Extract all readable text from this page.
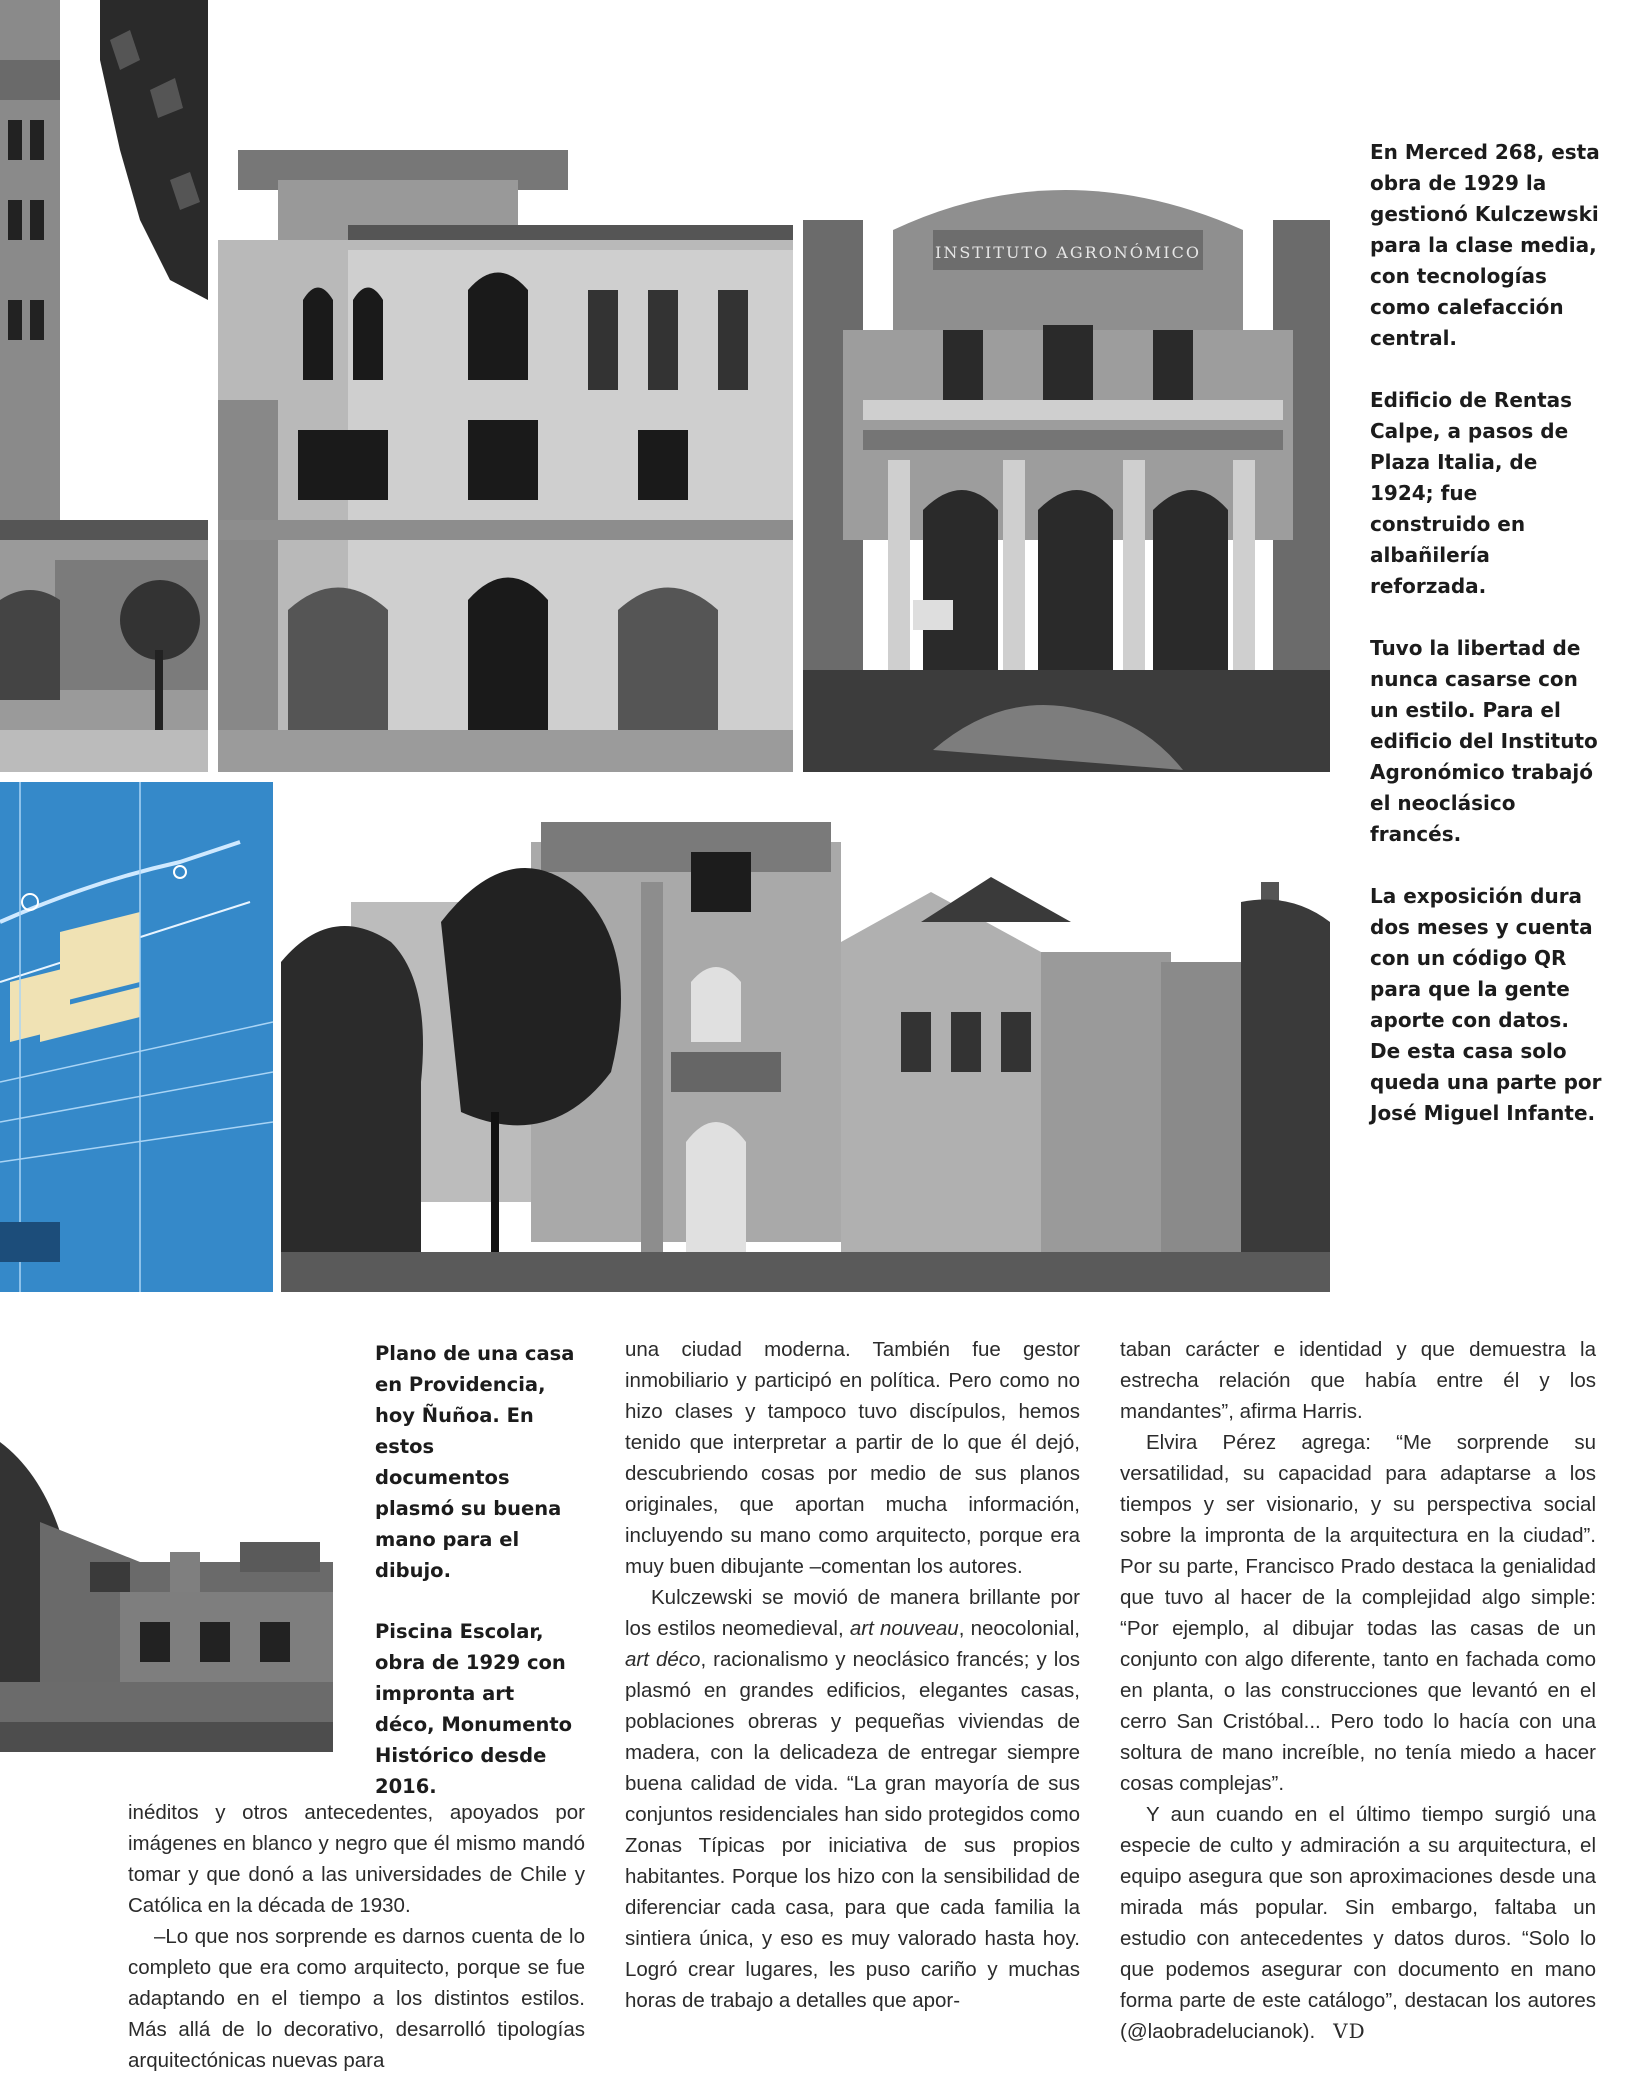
INSTITUTO AGRONÓMICO

En Merced 268, esta obra de 1929 la gestionó Kulczewski para la clase media, con tecnologías como calefacción central.

Edificio de Rentas Calpe, a pasos de Plaza Italia, de 1924; fue construido en albañilería reforzada.

Tuvo la libertad de nunca casarse con un estilo. Para el edificio del Instituto Agronómico trabajó el neoclásico francés.

La exposición dura dos meses y cuenta con un código QR para que la gente aporte con datos. De esta casa solo queda una parte por José Miguel Infante.

Plano de una casa en Providencia, hoy Ñuñoa. En estos documentos plasmó su buena mano para el dibujo.

Piscina Escolar, obra de 1929 con impronta art déco, Monumento Histórico desde 2016.

inéditos y otros antecedentes, apoyados por imágenes en blanco y negro que él mismo mandó tomar y que donó a las universidades de Chile y Católica en la década de 1930.

–Lo que nos sorprende es darnos cuenta de lo completo que era como arquitecto, porque se fue adaptando en el tiempo a los distintos estilos. Más allá de lo decorativo, desarrolló tipologías arquitectónicas nuevas para

una ciudad moderna. También fue gestor inmobiliario y participó en política. Pero como no hizo clases y tampoco tuvo discípulos, hemos tenido que interpretar a partir de lo que él dejó, descubriendo cosas por medio de sus planos originales, que aportan mucha información, incluyendo su mano como arquitecto, porque era muy buen dibujante –comentan los autores.

Kulczewski se movió de manera brillante por los estilos neomedieval, art nouveau, neocolonial, art déco, racionalismo y neoclásico francés; y los plasmó en grandes edificios, elegantes casas, poblaciones obreras y pequeñas viviendas de madera, con la delicadeza de entregar siempre buena calidad de vida. “La gran mayoría de sus conjuntos residenciales han sido protegidos como Zonas Típicas por iniciativa de sus propios habitantes. Porque los hizo con la sensibilidad de diferenciar cada casa, para que cada familia la sintiera única, y eso es muy valorado hasta hoy. Logró crear lugares, les puso cariño y muchas horas de trabajo a detalles que apor-

taban carácter e identidad y que demuestra la estrecha relación que había entre él y los mandantes”, afirma Harris.

Elvira Pérez agrega: “Me sorprende su versatilidad, su capacidad para adaptarse a los tiempos y ser visionario, y su perspectiva social sobre la impronta de la arquitectura en la ciudad”. Por su parte, Francisco Prado destaca la genialidad que tuvo al hacer de la complejidad algo simple: “Por ejemplo, al dibujar todas las casas de un conjunto con algo diferente, tanto en fachada como en planta, o las construcciones que levantó en el cerro San Cristóbal... Pero todo lo hacía con una soltura de mano increíble, no tenía miedo a hacer cosas complejas”.

Y aun cuando en el último tiempo surgió una especie de culto y admiración a su arquitectura, el equipo asegura que son aproximaciones desde una mirada más popular. Sin embargo, faltaba un estudio con antecedentes y datos duros. “Solo lo que podemos asegurar con documento en mano forma parte de este catálogo”, destacan los autores (@laobradelucianok). VD
